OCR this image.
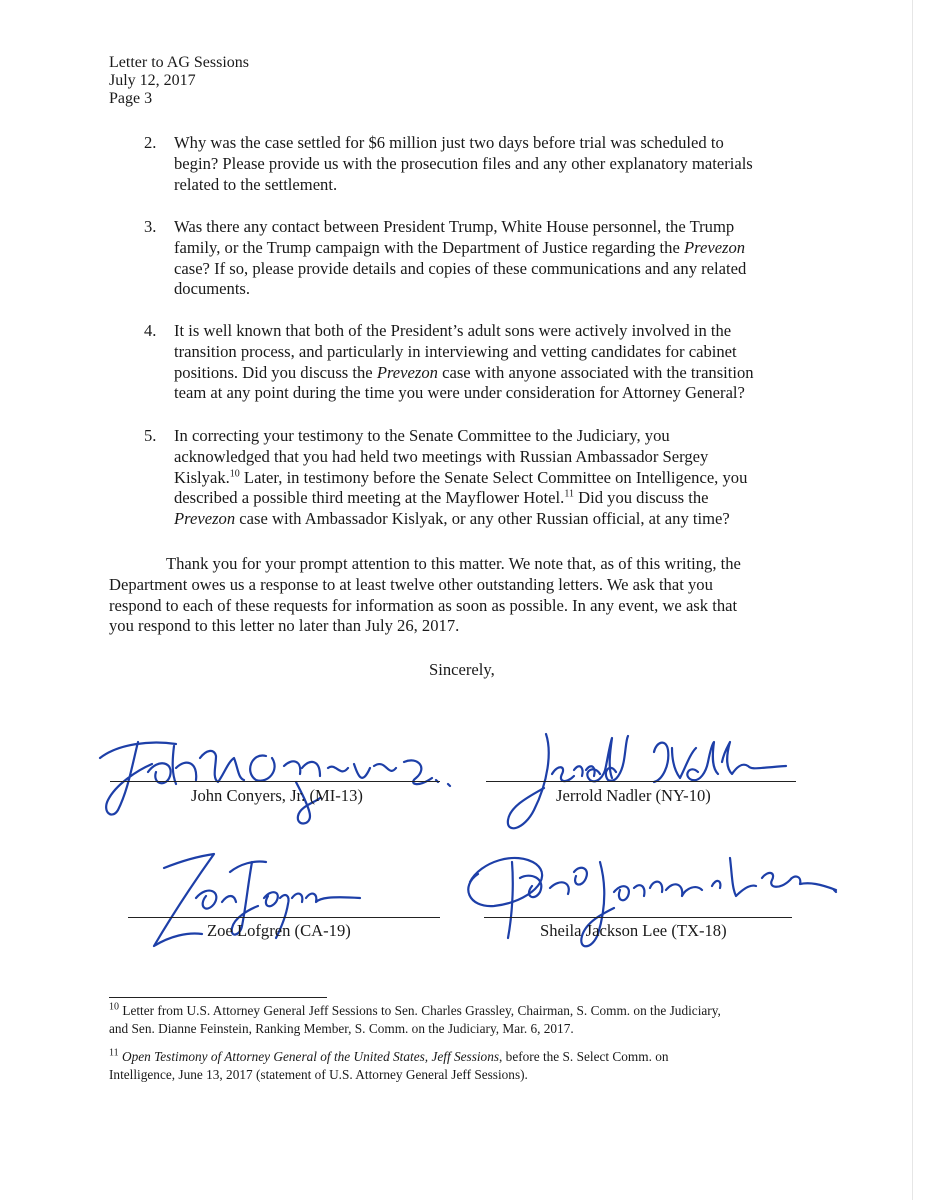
Letter to AG Sessions
July 12, 2017
Page 3
2. Why was the case settled for $6 million just two days before trial was scheduled to
begin? Please provide us with the prosecution files and any other explanatory materials
related to the settlement.
3. Was there any contact between President Trump, White House personnel, the Trump
family, or the Trump campaign with the Department of Justice regarding the Prevezon
case? If so, please provide details and copies of these communications and any related
documents.
4. It is well known that both of the President’s adult sons were actively involved in the
transition process, and particularly in interviewing and vetting candidates for cabinet
positions. Did you discuss the Prevezon case with anyone associated with the transition
team at any point during the time you were under consideration for Attorney General?
5. In correcting your testimony to the Senate Committee to the Judiciary, you
acknowledged that you had held two meetings with Russian Ambassador Sergey
Kislyak.$^{10}$ Later, in testimony before the Senate Select Committee on Intelligence, you
described a possible third meeting at the Mayflower Hotel.$^{11}$ Did you discuss the
Prevezon case with Ambassador Kislyak, or any other Russian official, at any time?
Thank you for your prompt attention to this matter. We note that, as of this writing, the
Department owes us a response to at least twelve other outstanding letters. We ask that you
respond to each of these requests for information as soon as possible. In any event, we ask that
you respond to this letter no later than July 26, 2017.
Sincerely,
John Conyers, Jr. (MI-13)	Jerrold Nadler (NY-10)
Zoe Lofgren (CA-19)	Sheila Jackson Lee (TX-18)
$^{10}$ Letter from U.S. Attorney General Jeff Sessions to Sen. Charles Grassley, Chairman, S. Comm. on the Judiciary,
and Sen. Dianne Feinstein, Ranking Member, S. Comm. on the Judiciary, Mar. 6, 2017.
$^{11}$ Open Testimony of Attorney General of the United States, Jeff Sessions, before the S. Select Comm. on
Intelligence, June 13, 2017 (statement of U.S. Attorney General Jeff Sessions).
